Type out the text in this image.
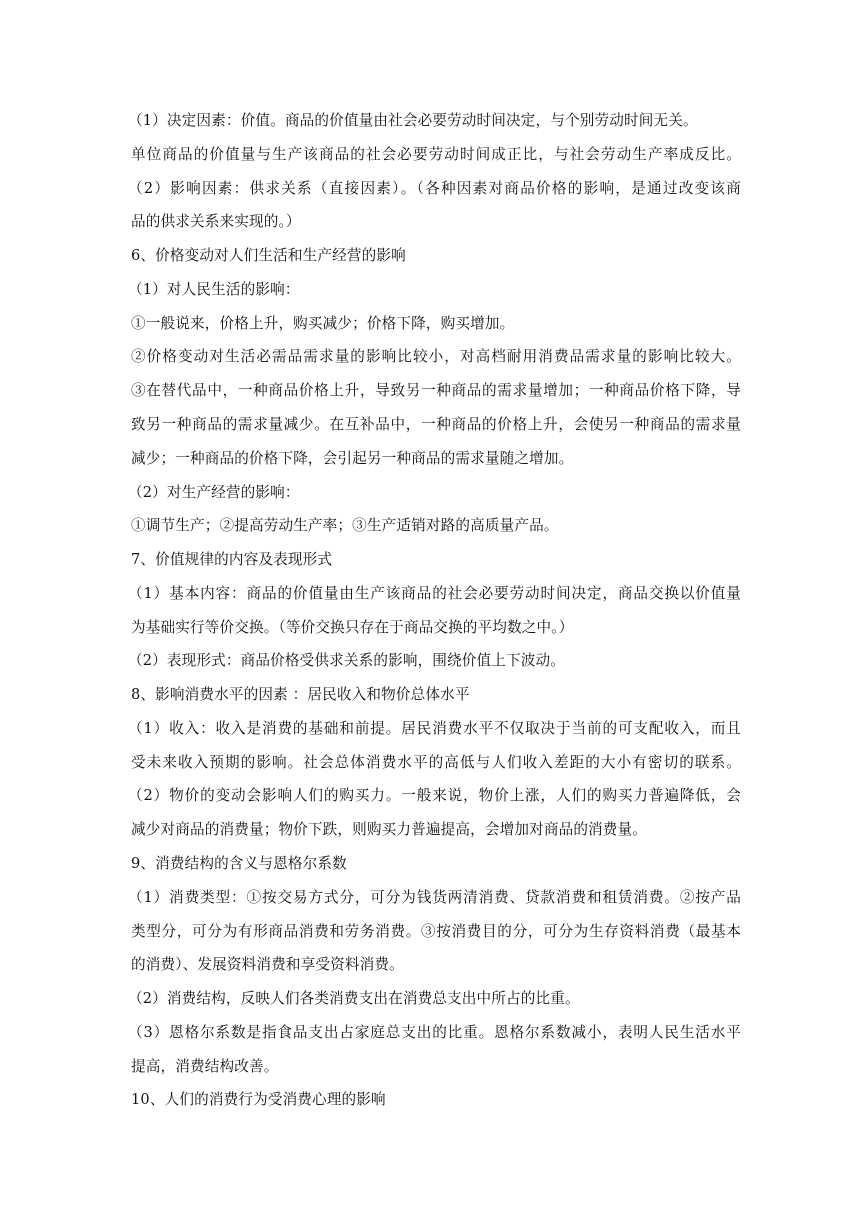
（1）决定因素：价值。商品的价值量由社会必要劳动时间决定，与个别劳动时间无关。
单位商品的价值量与生产该商品的社会必要劳动时间成正比，与社会劳动生产率成反比。
（2）影响因素：供求关系（直接因素）。（各种因素对商品价格的影响，是通过改变该商
品的供求关系来实现的。）
6、价格变动对人们生活和生产经营的影响
（1）对人民生活的影响：
①一般说来，价格上升，购买减少；价格下降，购买增加。
②价格变动对生活必需品需求量的影响比较小，对高档耐用消费品需求量的影响比较大。
③在替代品中，一种商品价格上升，导致另一种商品的需求量增加；一种商品价格下降，导
致另一种商品的需求量减少。在互补品中，一种商品的价格上升，会使另一种商品的需求量
减少；一种商品的价格下降，会引起另一种商品的需求量随之增加。
（2）对生产经营的影响：
①调节生产；②提高劳动生产率；③生产适销对路的高质量产品。
7、价值规律的内容及表现形式
（1）基本内容：商品的价值量由生产该商品的社会必要劳动时间决定，商品交换以价值量
为基础实行等价交换。（等价交换只存在于商品交换的平均数之中。）
（2）表现形式：商品价格受供求关系的影响，围绕价值上下波动。
8、影响消费水平的因素 ：居民收入和物价总体水平
（1）收入：收入是消费的基础和前提。居民消费水平不仅取决于当前的可支配收入，而且
受未来收入预期的影响。社会总体消费水平的高低与人们收入差距的大小有密切的联系。
（2）物价的变动会影响人们的购买力。一般来说，物价上涨，人们的购买力普遍降低，会
减少对商品的消费量；物价下跌，则购买力普遍提高，会增加对商品的消费量。
9、消费结构的含义与恩格尔系数
（1）消费类型：①按交易方式分，可分为钱货两清消费、贷款消费和租赁消费。②按产品
类型分，可分为有形商品消费和劳务消费。③按消费目的分，可分为生存资料消费（最基本
的消费）、发展资料消费和享受资料消费。
（2）消费结构，反映人们各类消费支出在消费总支出中所占的比重。
（3）恩格尔系数是指食品支出占家庭总支出的比重。恩格尔系数减小，表明人民生活水平
提高，消费结构改善。
10、人们的消费行为受消费心理的影响
